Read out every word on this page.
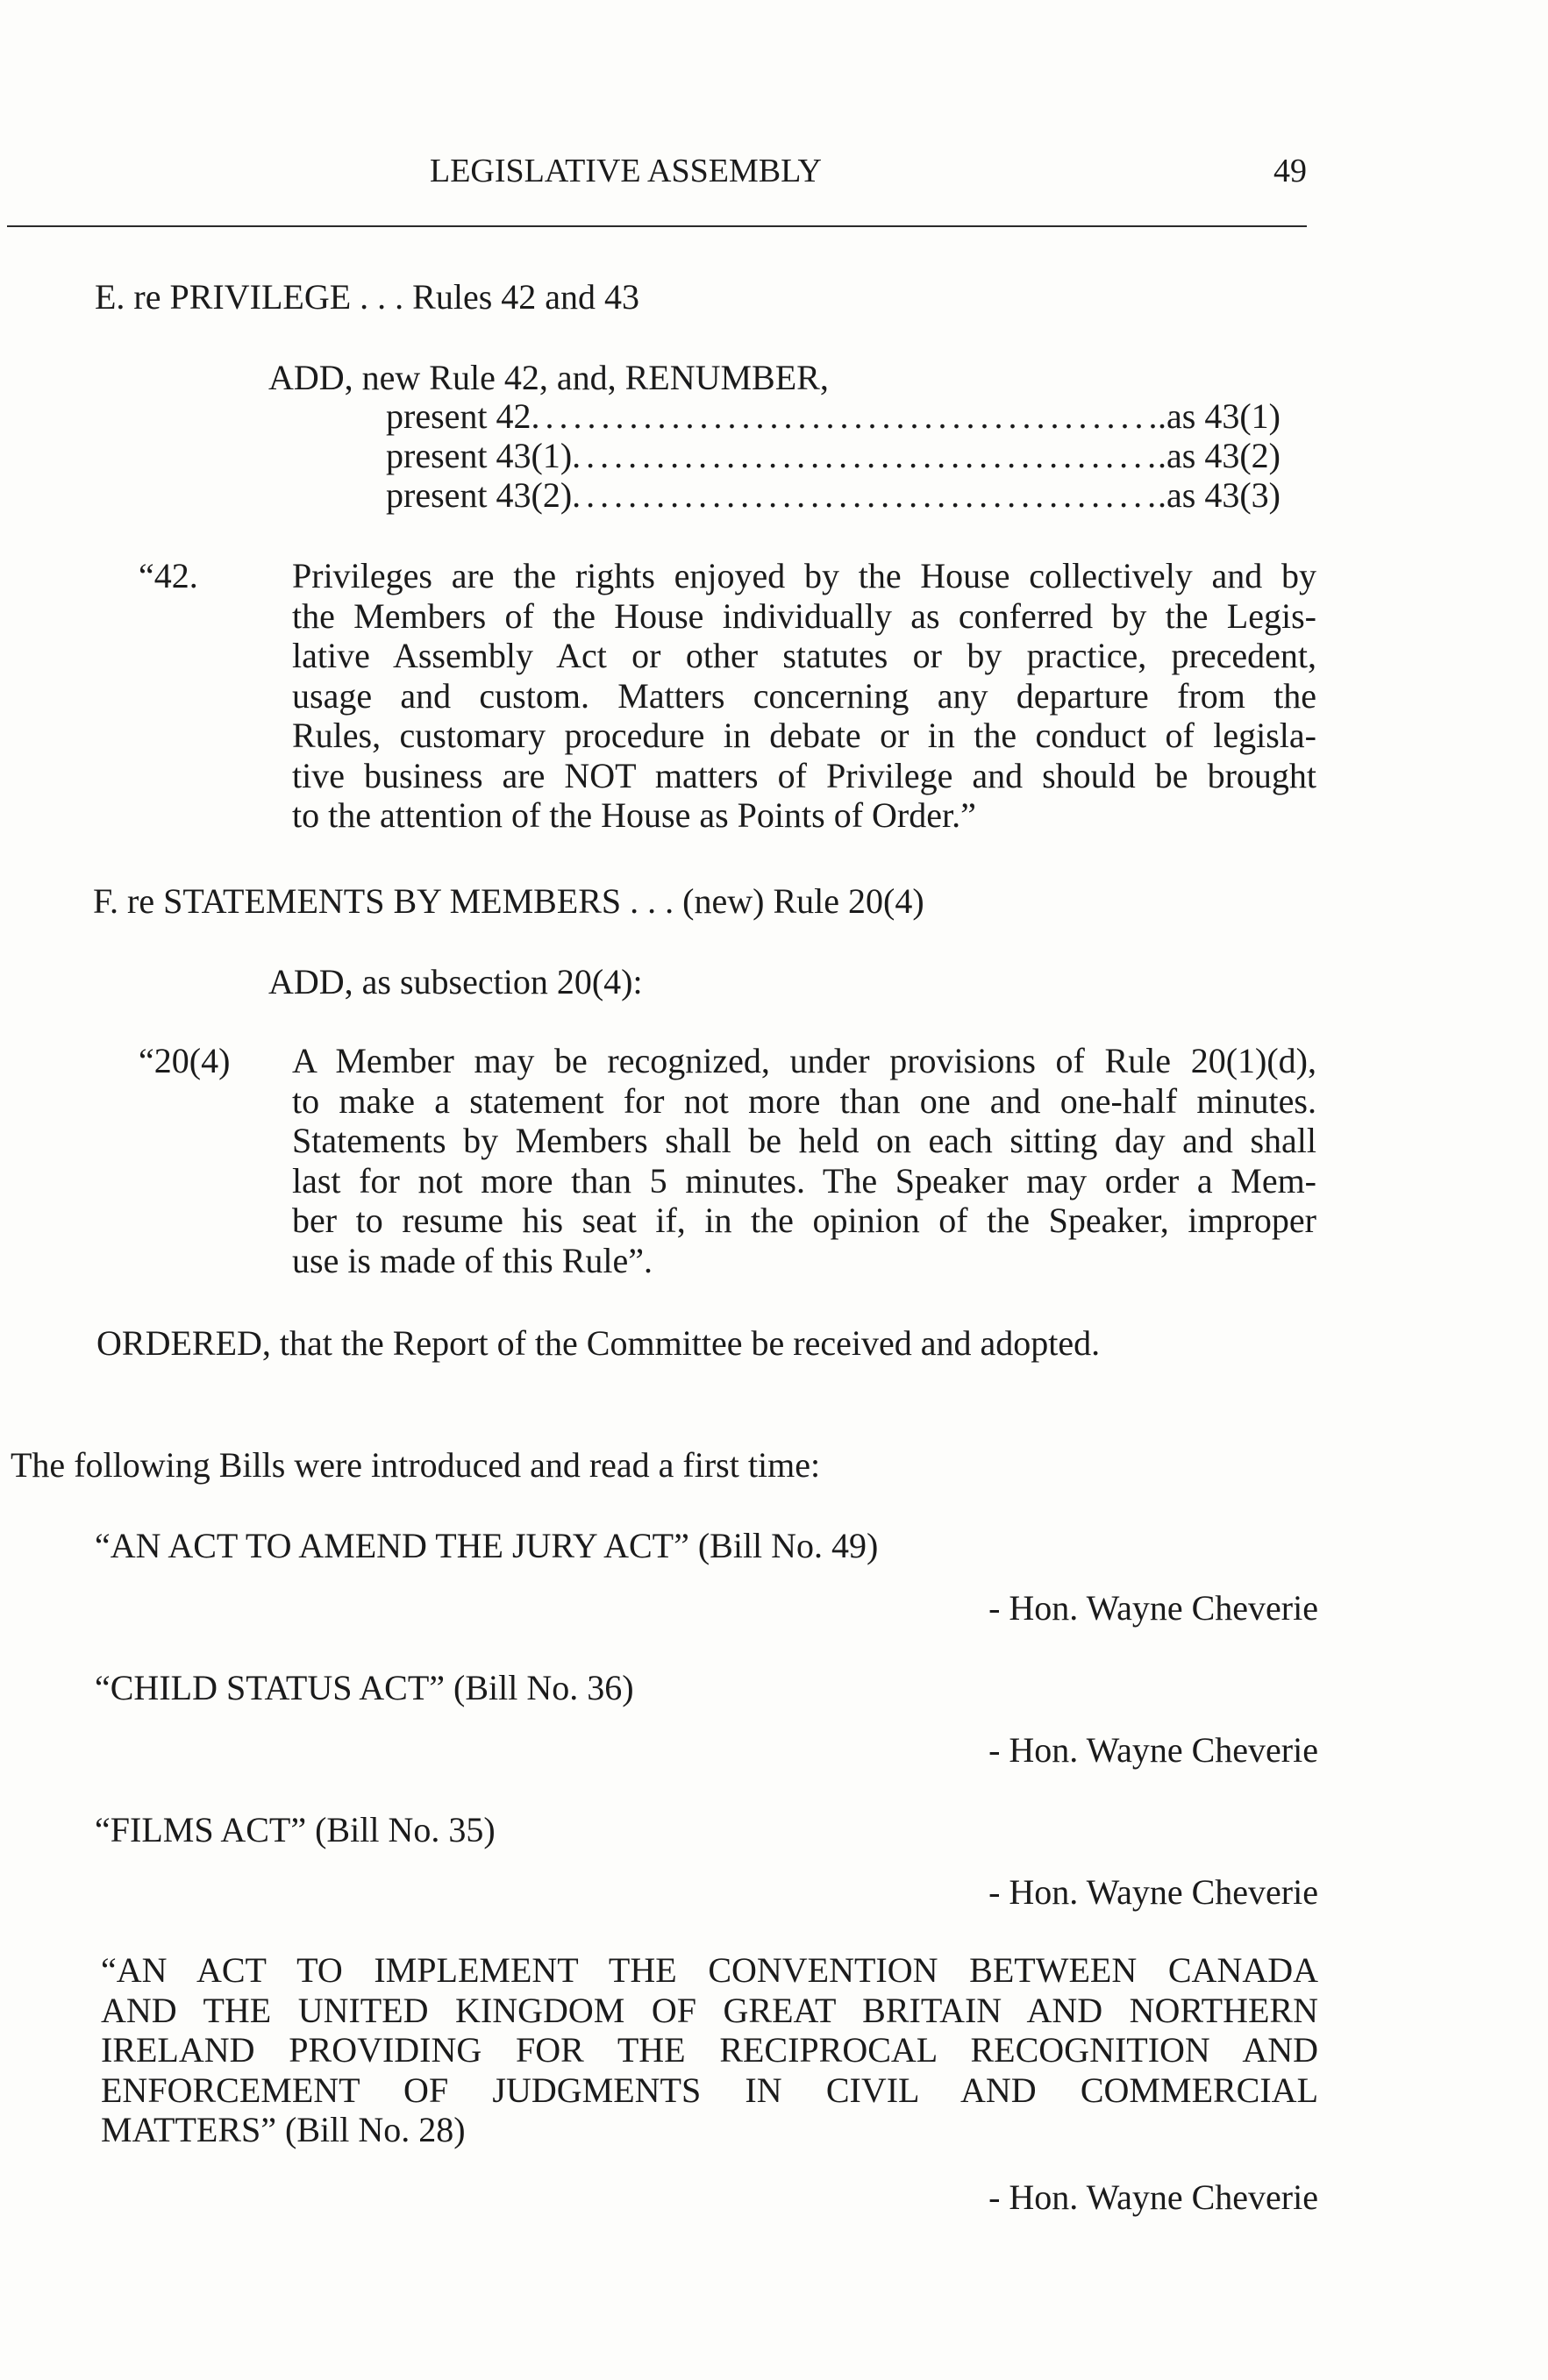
LEGISLATIVE ASSEMBLY	49
E. re PRIVILEGE . . . Rules 42 and 43
ADD, new Rule 42, and, RENUMBER,
present 42 .....	.as 43(1)
present 43(1) .....	.as 43(2)
present 43(2) .....	.as 43(3)
“42.	Privileges are the rights enjoyed by the House collectively and by
the Members of the House individually as conferred by the Legis-
lative Assembly Act or other statutes or by practice, precedent,
usage and custom. Matters concerning any departure from the
Rules, customary procedure in debate or in the conduct of legisla-
tive business are NOT matters of Privilege and should be brought
to the attention of the House as Points of Order.”
F. re STATEMENTS BY MEMBERS . . . (new) Rule 20(4)
ADD, as subsection 20(4):
“20(4) A Member may be recognized, under provisions of Rule 20(1)(d),
to make a statement for not more than one and one-half minutes.
Statements by Members shall be held on each sitting day and shall
last for not more than 5 minutes. The Speaker may order a Mem-
ber to resume his seat if, in the opinion of the Speaker, improper
use is made of this Rule”.
ORDERED, that the Report of the Committee be received and adopted.
The following Bills were introduced and read a first time:
“AN ACT TO AMEND THE JURY ACT” (Bill No. 49)
- Hon. Wayne Cheverie
“CHILD STATUS ACT” (Bill No. 36)
- Hon. Wayne Cheverie
“FILMS ACT” (Bill No. 35)
- Hon. Wayne Cheverie
“AN ACT TO IMPLEMENT THE CONVENTION BETWEEN CANADA
AND THE UNITED KINGDOM OF GREAT BRITAIN AND NORTHERN
IRELAND PROVIDING FOR THE RECIPROCAL RECOGNITION AND
ENFORCEMENT OF JUDGMENTS IN CIVIL AND COMMERCIAL
MATTERS” (Bill No. 28)
- Hon. Wayne Cheverie
